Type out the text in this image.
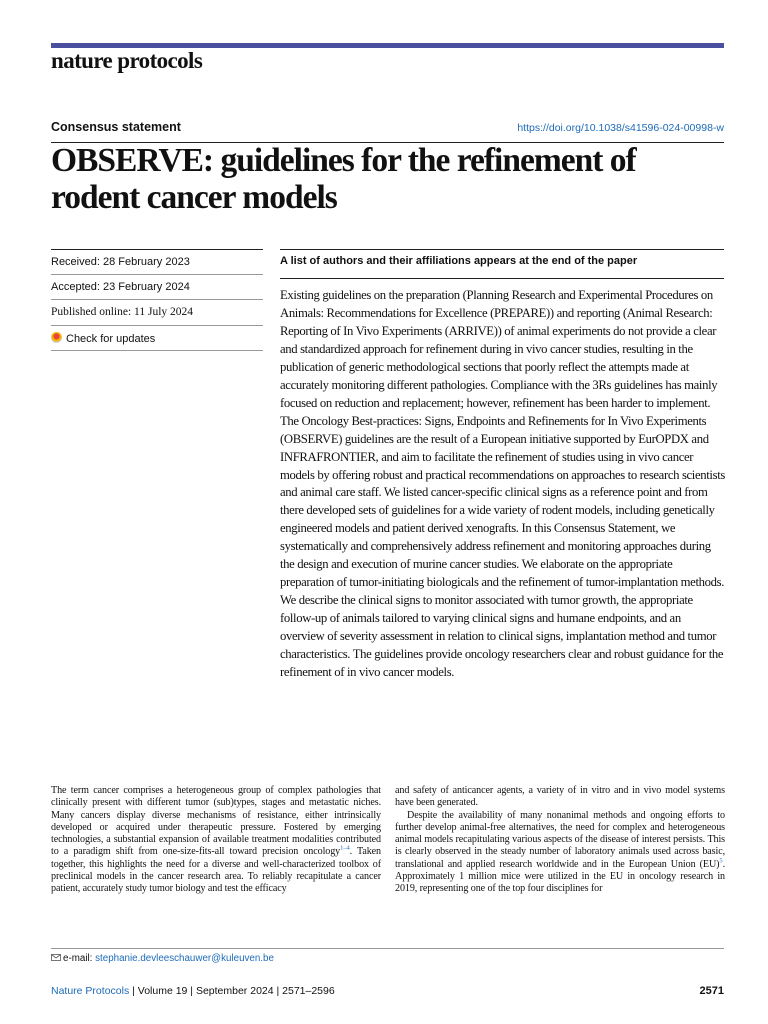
nature protocols
Consensus statement	https://doi.org/10.1038/s41596-024-00998-w
OBSERVE: guidelines for the refinement of rodent cancer models
Received: 28 February 2023
Accepted: 23 February 2024
Published online: 11 July 2024
Check for updates
A list of authors and their affiliations appears at the end of the paper

Existing guidelines on the preparation (Planning Research and Experimental Procedures on Animals: Recommendations for Excellence (PREPARE)) and reporting (Animal Research: Reporting of In Vivo Experiments (ARRIVE)) of animal experiments do not provide a clear and standardized approach for refinement during in vivo cancer studies, resulting in the publication of generic methodological sections that poorly reflect the attempts made at accurately monitoring different pathologies. Compliance with the 3Rs guidelines has mainly focused on reduction and replacement; however, refinement has been harder to implement. The Oncology Best-practices: Signs, Endpoints and Refinements for In Vivo Experiments (OBSERVE) guidelines are the result of a European initiative supported by EurOPDX and INFRAFRONTIER, and aim to facilitate the refinement of studies using in vivo cancer models by offering robust and practical recommendations on approaches to research scientists and animal care staff. We listed cancer-specific clinical signs as a reference point and from there developed sets of guidelines for a wide variety of rodent models, including genetically engineered models and patient derived xenografts. In this Consensus Statement, we systematically and comprehensively address refinement and monitoring approaches during the design and execution of murine cancer studies. We elaborate on the appropriate preparation of tumor-initiating biologicals and the refinement of tumor-implantation methods. We describe the clinical signs to monitor associated with tumor growth, the appropriate follow-up of animals tailored to varying clinical signs and humane endpoints, and an overview of severity assessment in relation to clinical signs, implantation method and tumor characteristics. The guidelines provide oncology researchers clear and robust guidance for the refinement of in vivo cancer models.

The term cancer comprises a heterogeneous group of complex pathologies that clinically present with different tumor (sub)types, stages and metastatic niches. Many cancers display diverse mechanisms of resistance, either intrinsically developed or acquired under therapeutic pressure. Fostered by emerging technologies, a substantial expansion of available treatment modalities contributed to a paradigm shift from one-size-fits-all toward precision oncology$^{1-4}$. Taken together, this highlights the need for a diverse and well-characterized toolbox of preclinical models in the cancer research area. To reliably recapitulate a cancer patient, accurately study tumor biology and test the efficacy

and safety of anticancer agents, a variety of in vitro and in vivo model systems have been generated.

Despite the availability of many nonanimal methods and ongoing efforts to further develop animal-free alternatives, the need for complex and heterogeneous animal models recapitulating various aspects of the disease of interest persists. This is clearly observed in the steady number of laboratory animals used across basic, translational and applied research worldwide and in the European Union (EU)$^5$. Approximately 1 million mice were utilized in the EU in oncology research in 2019, representing one of the top four disciplines for

e-mail: stephanie.devleeschauwer@kuleuven.be
Nature Protocols | Volume 19 | September 2024 | 2571–2596	2571
